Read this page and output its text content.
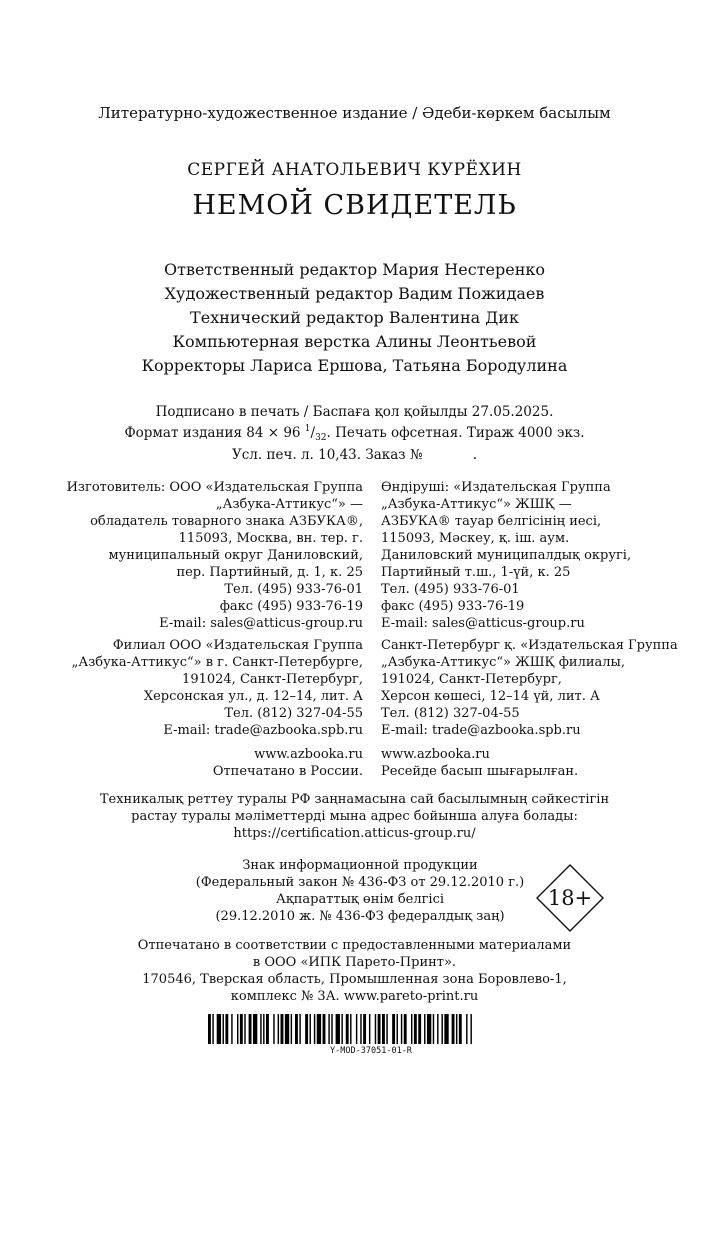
Литературно-художественное издание / Әдеби-көркем басылым
СЕРГЕЙ АНАТОЛЬЕВИЧ КУРЁХИН
НЕМОЙ СВИДЕТЕЛЬ
Ответственный редактор Мария Нестеренко
Художественный редактор Вадим Пожидаев
Технический редактор Валентина Дик
Компьютерная верстка Алины Леонтьевой
Корректоры Лариса Ершова, Татьяна Бородулина
Подписано в печать / Баспаға қол қойылды 27.05.2025.
Формат издания 84 × 96 $^1/_{32}$. Печать офсетная. Тираж 4000 экз.
Усл. печ. л. 10,43. Заказ №	.
Изготовитель: ООО «Издательская Группа
„Азбука-Аттикус“» —
обладатель товарного знака АЗБУКА®,
115093, Москва, вн. тер. г.
муниципальный округ Даниловский,
пер. Партийный, д. 1, к. 25
Тел. (495) 933-76-01
факс (495) 933-76-19
E-mail: sales@atticus-group.ru
Өндіруші: «Издательская Группа
„Азбука-Аттикус“» ЖШҚ —
АЗБУКА® тауар белгісінің иесі,
115093, Мәскеу, қ. іш. аум.
Даниловский муниципалдық округі,
Партийный т.ш., 1-үй, к. 25
Тел. (495) 933-76-01
факс (495) 933-76-19
E-mail: sales@atticus-group.ru
Филиал ООО «Издательская Группа
„Азбука-Аттикус“» в г. Санкт-Петербурге,
191024, Санкт-Петербург,
Херсонская ул., д. 12–14, лит. А
Тел. (812) 327-04-55
E-mail: trade@azbooka.spb.ru
Санкт-Петербург қ. «Издательская Группа
„Азбука-Аттикус“» ЖШҚ филиалы,
191024, Санкт-Петербург,
Херсон көшесі, 12–14 үй, лит. А
Тел. (812) 327-04-55
E-mail: trade@azbooka.spb.ru
www.azbooka.ru
Отпечатано в России.
www.azbooka.ru
Ресейде басып шығарылған.
Техникалық реттеу туралы РФ заңнамасына сай басылымның сәйкестігін
растау туралы мәліметтерді мына адрес бойынша алуға болады:
https://certification.atticus-group.ru/
Знак информационной продукции
(Федеральный закон № 436-ФЗ от 29.12.2010 г.)
Ақпараттық өнім белгісі
(29.12.2010 ж. № 436-ФЗ федералдық заң)
18+
Отпечатано в соответствии с предоставленными материалами
в ООО «ИПК Парето-Принт».
170546, Тверская область, Промышленная зона Боровлево-1,
комплекс № 3А. www.pareto-print.ru
Y-MOD-37051-01-R
